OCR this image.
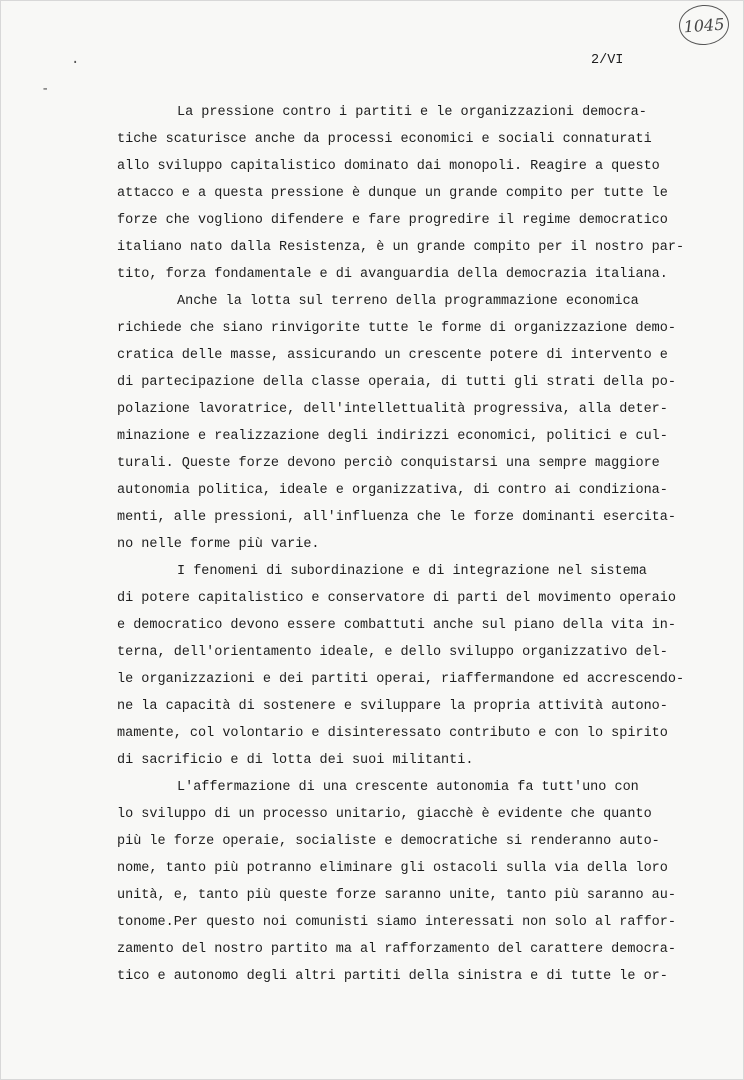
1045
.
-
2/VI
La pressione contro i partiti e le organizzazioni democra-
tiche scaturisce anche da processi economici e sociali connaturati
allo sviluppo capitalistico dominato dai monopoli. Reagire a questo
attacco e a questa pressione è dunque un grande compito per tutte le
forze che vogliono difendere e fare progredire il regime democratico
italiano nato dalla Resistenza, è un grande compito per il nostro par-
tito, forza fondamentale e di avanguardia della democrazia italiana.
Anche la lotta sul terreno della programmazione economica
richiede che siano rinvigorite tutte le forme di organizzazione demo-
cratica delle masse, assicurando un crescente potere di intervento e
di partecipazione della classe operaia, di tutti gli strati della po-
polazione lavoratrice, dell'intellettualità progressiva, alla deter-
minazione e realizzazione degli indirizzi economici, politici e cul-
turali. Queste forze devono perciò conquistarsi una sempre maggiore
autonomia politica, ideale e organizzativa, di contro ai condiziona-
menti, alle pressioni, all'influenza che le forze dominanti esercita-
no nelle forme più varie.
I fenomeni di subordinazione e di integrazione nel sistema
di potere capitalistico e conservatore di parti del movimento operaio
e democratico devono essere combattuti anche sul piano della vita in-
terna, dell'orientamento ideale, e dello sviluppo organizzativo del-
le organizzazioni e dei partiti operai, riaffermandone ed accrescendo-
ne la capacità di sostenere e sviluppare la propria attività autono-
mamente, col volontario e disinteressato contributo e con lo spirito
di sacrificio e di lotta dei suoi militanti.
L'affermazione di una crescente autonomia fa tutt'uno con
lo sviluppo di un processo unitario, giacchè è evidente che quanto
più le forze operaie, socialiste e democratiche si renderanno auto-
nome, tanto più potranno eliminare gli ostacoli sulla via della loro
unità, e, tanto più queste forze saranno unite, tanto più saranno au-
tonome.Per questo noi comunisti siamo interessati non solo al raffor-
zamento del nostro partito ma al rafforzamento del carattere democra-
tico e autonomo degli altri partiti della sinistra e di tutte le or-
